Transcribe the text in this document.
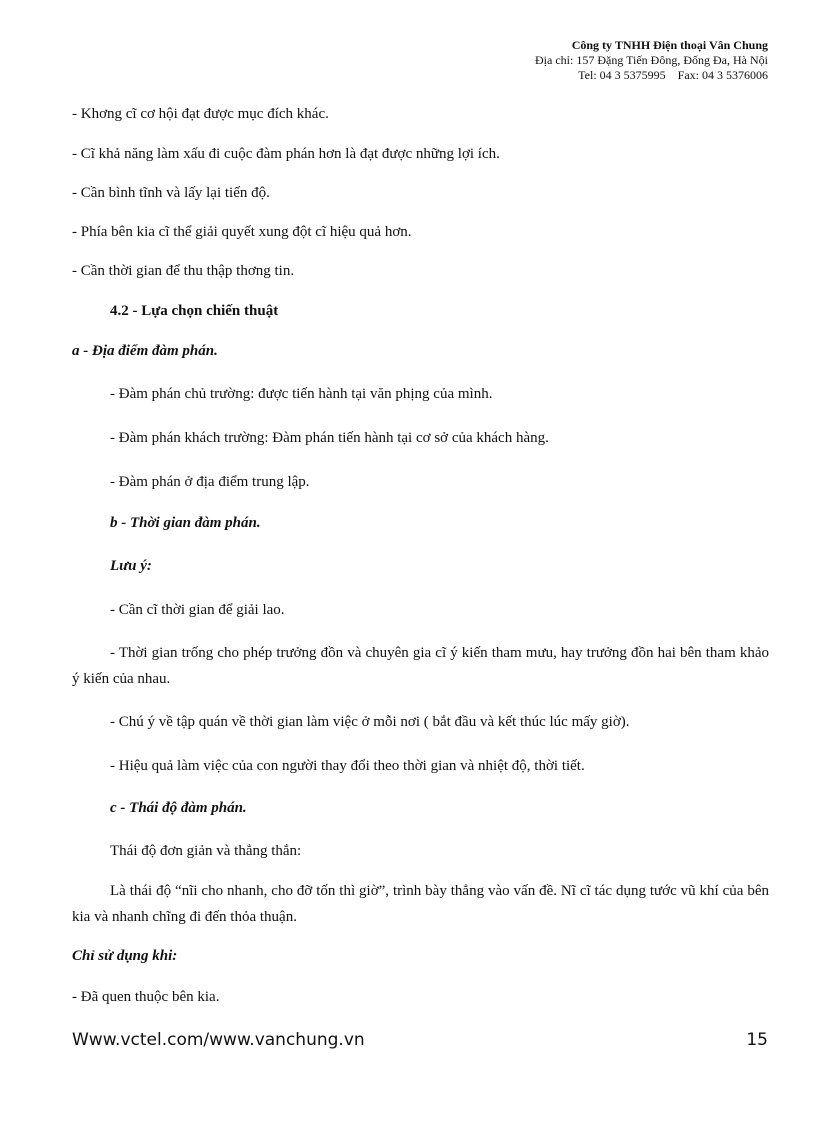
Công ty TNHH Điện thoại Vân Chung
Địa chỉ: 157 Đặng Tiến Đông, Đống Đa, Hà Nội
Tel: 04 3 5375995    Fax: 04 3 5376006
- Khơng cĩ cơ hội đạt được mục đích khác.
- Cĩ khả năng làm xấu đi cuộc đàm phán hơn là đạt được những lợi ích.
- Cần bình tĩnh và lấy lại tiến độ.
- Phía bên kia cĩ thể giải quyết xung đột cĩ hiệu quả hơn.
- Cần thời gian để thu thập thơng tin.
4.2 - Lựa chọn chiến thuật
a - Địa điểm đàm phán.
- Đàm phán chủ trường: được tiến hành tại văn phịng của mình.
- Đàm phán khách trường: Đàm phán tiến hành tại cơ sở của khách hàng.
- Đàm phán ở địa điểm trung lập.
b - Thời gian đàm phán.
Lưu ý:
- Cần cĩ thời gian để giải lao.
- Thời gian trống cho phép trưởng đồn và chuyên gia cĩ ý kiến tham mưu, hay trưởng đồn hai bên tham khảo ý kiến của nhau.
- Chú ý về tập quán về thời gian làm việc ở mỗi nơi ( bắt đầu và kết thúc lúc mấy giờ).
- Hiệu quả làm việc của con người thay đổi theo thời gian và nhiệt độ, thời tiết.
c - Thái độ đàm phán.
Thái độ đơn giản và thẳng thắn:
Là thái độ “nĩi cho nhanh, cho đỡ tốn thì giờ”, trình bày thẳng vào vấn đề. Nĩ cĩ tác dụng tước vũ khí của bên kia và nhanh chĩng đi đến thỏa thuận.
Chỉ sử dụng khi:
- Đã quen thuộc bên kia.
Www.vctel.com/www.vanchung.vn	15
